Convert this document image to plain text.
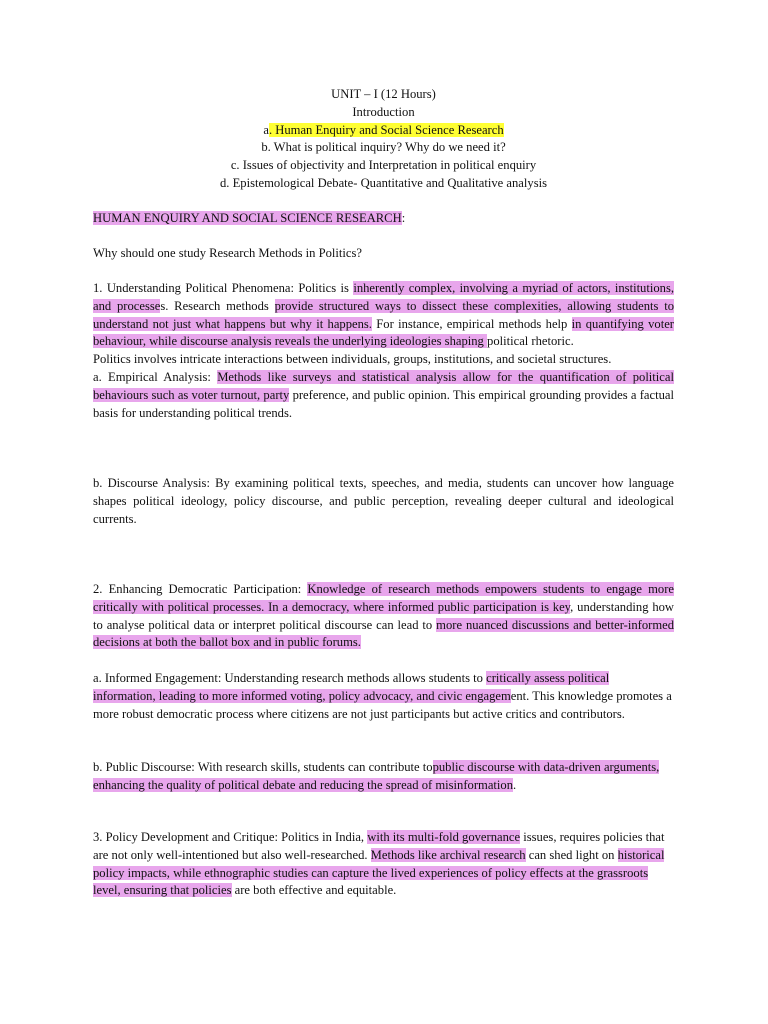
UNIT – I (12 Hours)

Introduction

a. Human Enquiry and Social Science Research

b. What is political inquiry? Why do we need it?

c. Issues of objectivity and Interpretation in political enquiry

d. Epistemological Debate- Quantitative and Qualitative analysis

HUMAN ENQUIRY AND SOCIAL SCIENCE RESEARCH:

Why should one study Research Methods in Politics?

1. Understanding Political Phenomena: Politics is inherently complex, involving a myriad of actors, institutions, and processes. Research methods provide structured ways to dissect these complexities, allowing students to understand not just what happens but why it happens. For instance, empirical methods help in quantifying voter behaviour, while discourse analysis reveals the underlying ideologies shaping political rhetoric.

Politics involves intricate interactions between individuals, groups, institutions, and societal structures.

a. Empirical Analysis: Methods like surveys and statistical analysis allow for the quantification of political behaviours such as voter turnout, party preference, and public opinion. This empirical grounding provides a factual basis for understanding political trends.

b. Discourse Analysis: By examining political texts, speeches, and media, students can uncover how language shapes political ideology, policy discourse, and public perception, revealing deeper cultural and ideological currents.

2. Enhancing Democratic Participation: Knowledge of research methods empowers students to engage more critically with political processes. In a democracy, where informed public participation is key, understanding how to analyse political data or interpret political discourse can lead to more nuanced discussions and better-informed decisions at both the ballot box and in public forums.

a. Informed Engagement: Understanding research methods allows students to critically assess political information, leading to more informed voting, policy advocacy, and civic engagement. This knowledge promotes a more robust democratic process where citizens are not just participants but active critics and contributors.

b. Public Discourse: With research skills, students can contribute topublic discourse with data-driven arguments, enhancing the quality of political debate and reducing the spread of misinformation.

3. Policy Development and Critique: Politics in India, with its multi-fold governance issues, requires policies that are not only well-intentioned but also well-researched. Methods like archival research can shed light on historical policy impacts, while ethnographic studies can capture the lived experiences of policy effects at the grassroots level, ensuring that policies are both effective and equitable.
